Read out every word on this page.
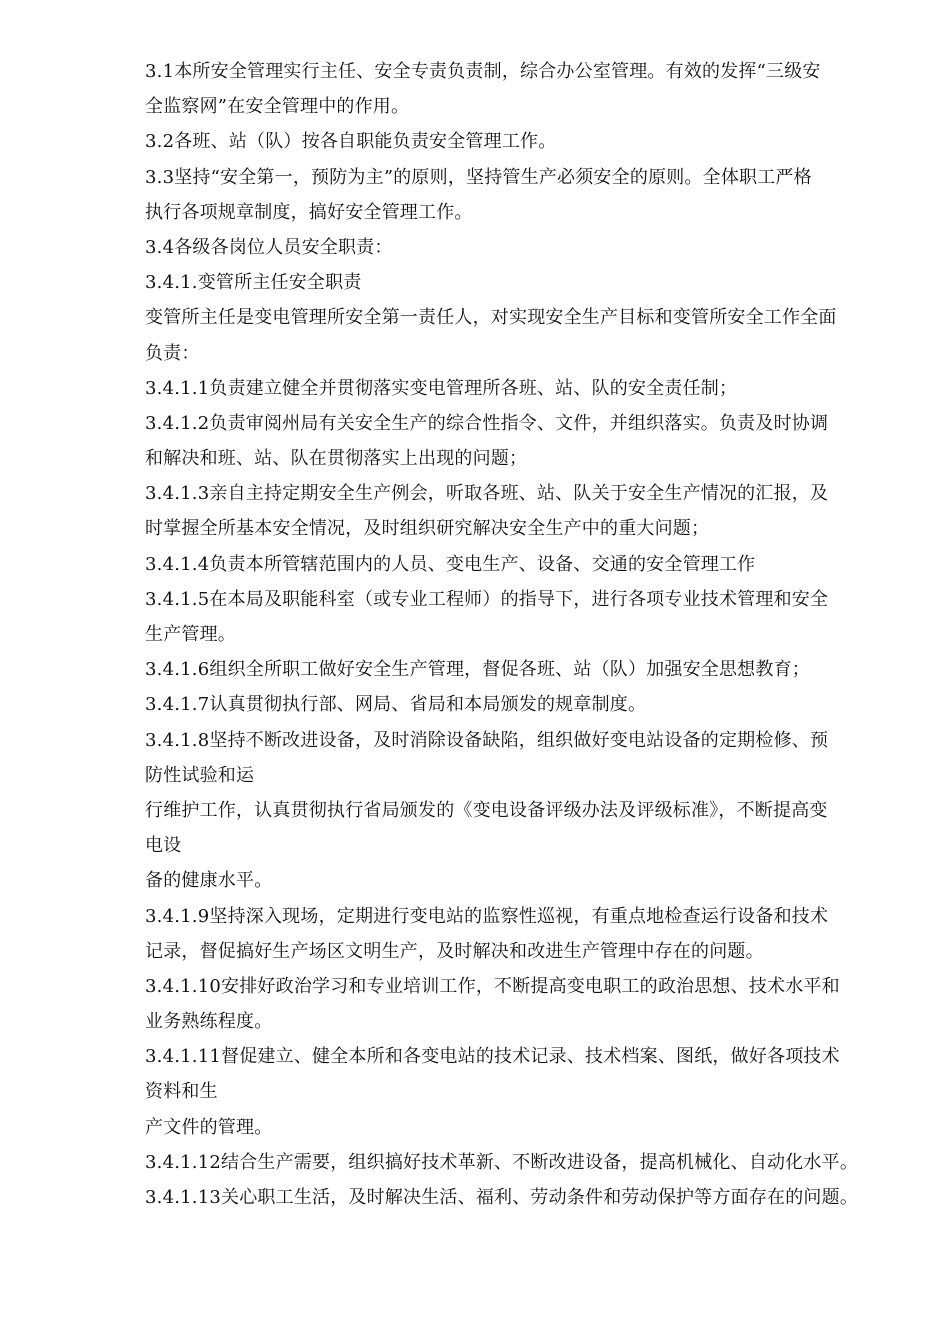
3.1本所安全管理实行主任、安全专责负责制，综合办公室管理。有效的发挥“三级安
全监察网”在安全管理中的作用。
3.2各班、站（队）按各自职能负责安全管理工作。
3.3坚持“安全第一，预防为主”的原则，坚持管生产必须安全的原则。全体职工严格
执行各项规章制度，搞好安全管理工作。
3.4各级各岗位人员安全职责：
3.4.1.变管所主任安全职责
变管所主任是变电管理所安全第一责任人，对实现安全生产目标和变管所安全工作全面
负责：
3.4.1.1负责建立健全并贯彻落实变电管理所各班、站、队的安全责任制；
3.4.1.2负责审阅州局有关安全生产的综合性指令、文件，并组织落实。负责及时协调
和解决和班、站、队在贯彻落实上出现的问题；
3.4.1.3亲自主持定期安全生产例会，听取各班、站、队关于安全生产情况的汇报，及
时掌握全所基本安全情况，及时组织研究解决安全生产中的重大问题；
3.4.1.4负责本所管辖范围内的人员、变电生产、设备、交通的安全管理工作
3.4.1.5在本局及职能科室（或专业工程师）的指导下，进行各项专业技术管理和安全
生产管理。
3.4.1.6组织全所职工做好安全生产管理，督促各班、站（队）加强安全思想教育；
3.4.1.7认真贯彻执行部、网局、省局和本局颁发的规章制度。
3.4.1.8坚持不断改进设备，及时消除设备缺陷，组织做好变电站设备的定期检修、预
防性试验和运
行维护工作，认真贯彻执行省局颁发的《变电设备评级办法及评级标准》，不断提高变
电设
备的健康水平。
3.4.1.9坚持深入现场，定期进行变电站的监察性巡视，有重点地检查运行设备和技术
记录，督促搞好生产场区文明生产，及时解决和改进生产管理中存在的问题。
3.4.1.10安排好政治学习和专业培训工作，不断提高变电职工的政治思想、技术水平和
业务熟练程度。
3.4.1.11督促建立、健全本所和各变电站的技术记录、技术档案、图纸，做好各项技术
资料和生
产文件的管理。
3.4.1.12结合生产需要，组织搞好技术革新、不断改进设备，提高机械化、自动化水平。
3.4.1.13关心职工生活，及时解决生活、福利、劳动条件和劳动保护等方面存在的问题。
